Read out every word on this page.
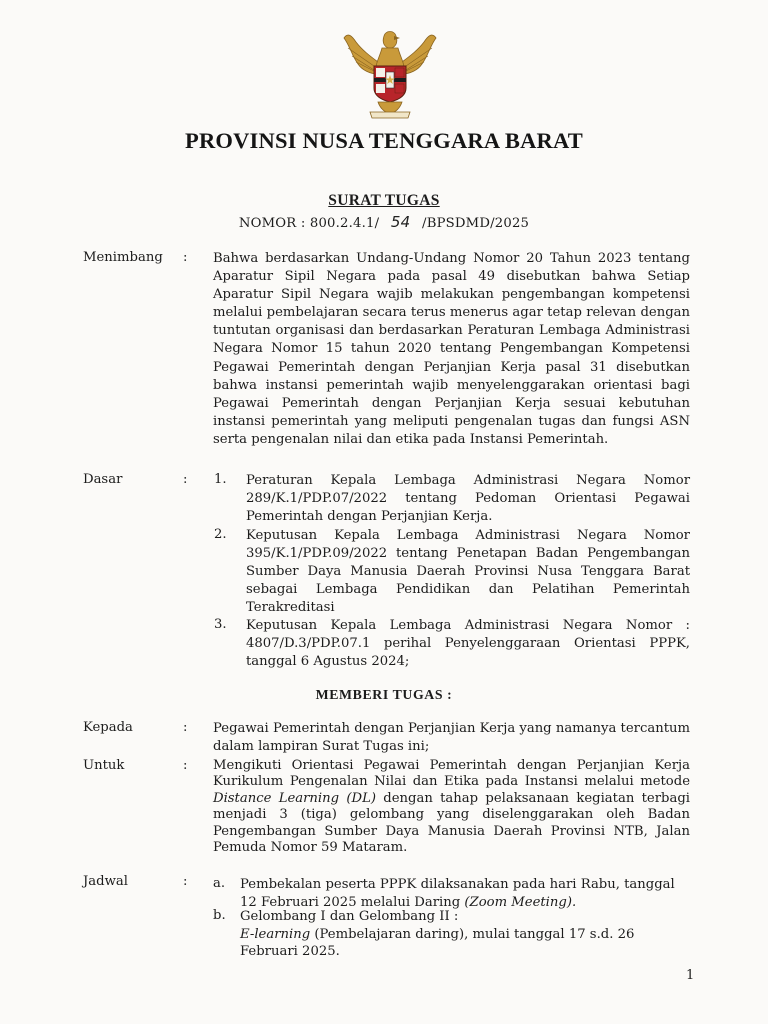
PROVINSI NUSA TENGGARA BARAT
SURAT TUGAS
NOMOR : 800.2.4.1/ 54 /BPSDMD/2025
Menimbang : Bahwa berdasarkan Undang-Undang Nomor 20 Tahun 2023 tentang Aparatur Sipil Negara pada pasal 49 disebutkan bahwa Setiap Aparatur Sipil Negara wajib melakukan pengembangan kompetensi melalui pembelajaran secara terus menerus agar tetap relevan dengan tuntutan organisasi dan berdasarkan Peraturan Lembaga Administrasi Negara Nomor 15 tahun 2020 tentang Pengembangan Kompetensi Pegawai Pemerintah dengan Perjanjian Kerja pasal 31 disebutkan bahwa instansi pemerintah wajib menyelenggarakan orientasi bagi Pegawai Pemerintah dengan Perjanjian Kerja sesuai kebutuhan instansi pemerintah yang meliputi pengenalan tugas dan fungsi ASN serta pengenalan nilai dan etika pada Instansi Pemerintah.
Dasar	: 1. Peraturan Kepala Lembaga Administrasi Negara Nomor 289/K.1/PDP.07/2022 tentang Pedoman Orientasi Pegawai Pemerintah dengan Perjanjian Kerja.
2. Keputusan Kepala Lembaga Administrasi Negara Nomor 395/K.1/PDP.09/2022 tentang Penetapan Badan Pengembangan Sumber Daya Manusia Daerah Provinsi Nusa Tenggara Barat sebagai Lembaga Pendidikan dan Pelatihan Pemerintah Terakreditasi
3. Keputusan Kepala Lembaga Administrasi Negara Nomor : 4807/D.3/PDP.07.1 perihal Penyelenggaraan Orientasi PPPK, tanggal 6 Agustus 2024;
MEMBERI TUGAS :
Kepada	: Pegawai Pemerintah dengan Perjanjian Kerja yang namanya tercantum dalam lampiran Surat Tugas ini;
Untuk	: Mengikuti Orientasi Pegawai Pemerintah dengan Perjanjian Kerja Kurikulum Pengenalan Nilai dan Etika pada Instansi melalui metode Distance Learning (DL) dengan tahap pelaksanaan kegiatan terbagi menjadi 3 (tiga) gelombang yang diselenggarakan oleh Badan Pengembangan Sumber Daya Manusia Daerah Provinsi NTB, Jalan Pemuda Nomor 59 Mataram.
Jadwal	: a. Pembekalan peserta PPPK dilaksanakan pada hari Rabu, tanggal 12 Februari 2025 melalui Daring (Zoom Meeting).
b. Gelombang I dan Gelombang II :
E-learning (Pembelajaran daring), mulai tanggal 17 s.d. 26 Februari 2025.
1
